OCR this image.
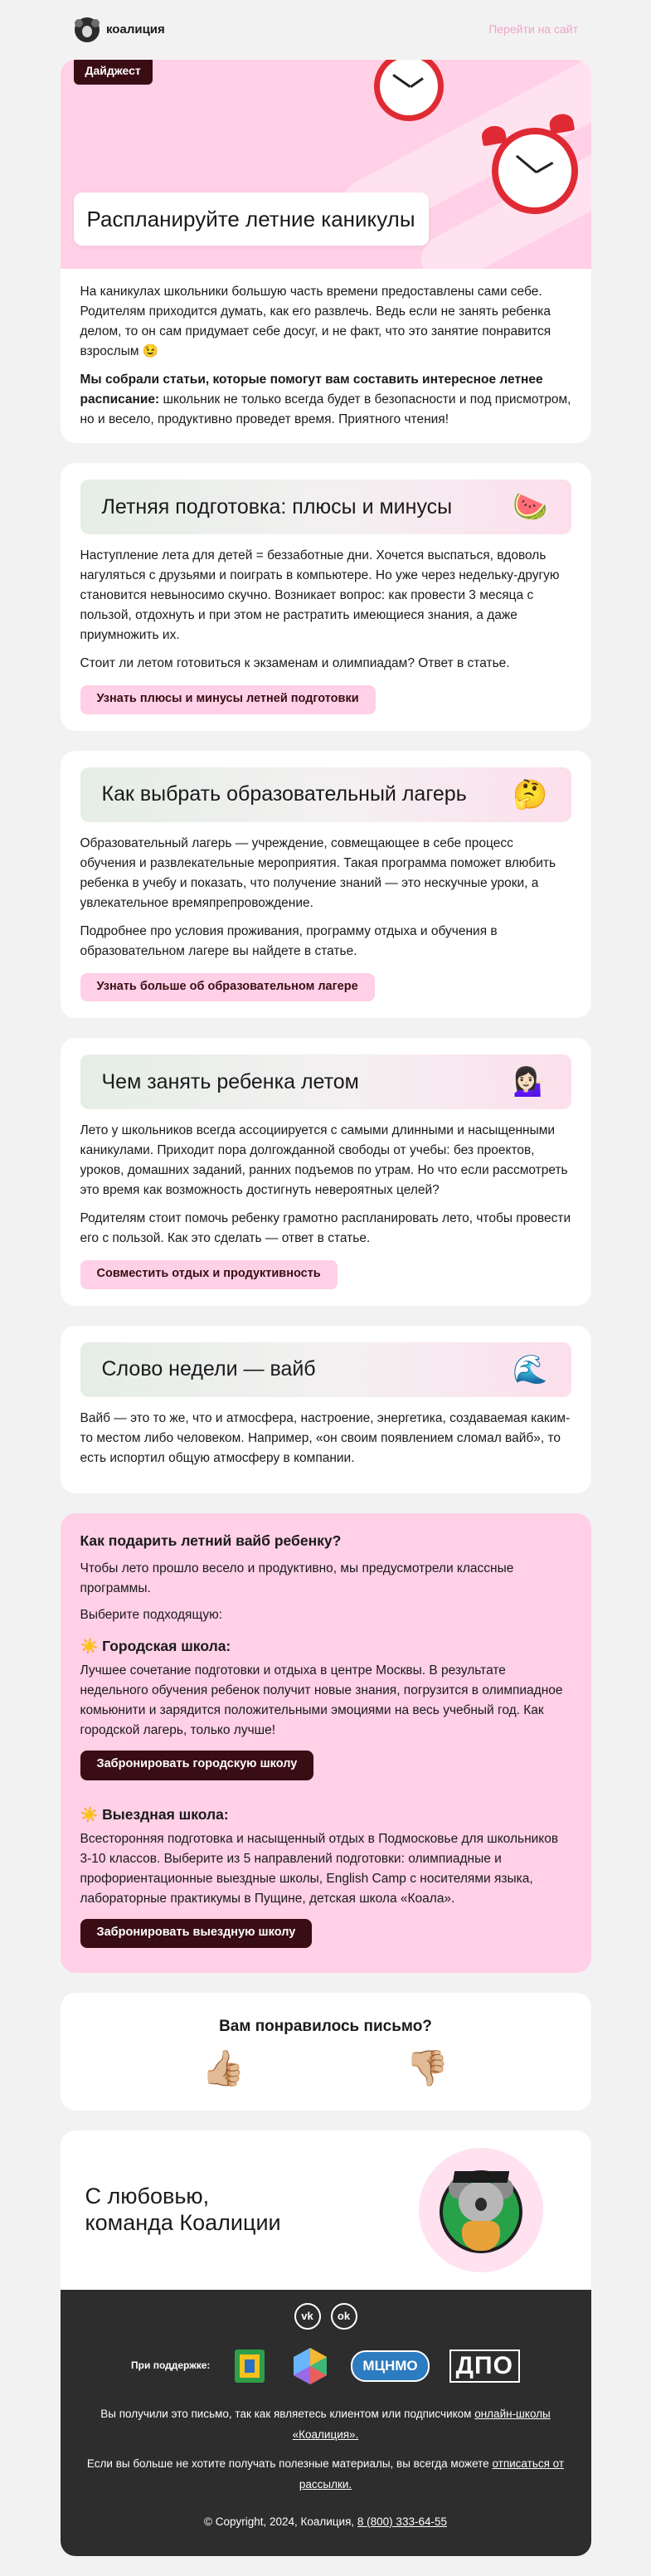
коалиция	Перейти на сайт
Дайджест
Распланируйте летние каникулы

На каникулах школьники большую часть времени предоставлены сами себе. Родителям приходится думать, как его развлечь. Ведь если не занять ребенка делом, то он сам придумает себе досуг, и не факт, что это занятие понравится взрослым 😉

Мы собрали статьи, которые помогут вам составить интересное летнее расписание: школьник не только всегда будет в безопасности и под присмотром, но и весело, продуктивно проведет время. Приятного чтения!

Летняя подготовка: плюсы и минусы 🍉

Наступление лета для детей = беззаботные дни. Хочется выспаться, вдоволь нагуляться с друзьями и поиграть в компьютере. Но уже через недельку-другую становится невыносимо скучно. Возникает вопрос: как провести 3 месяца с пользой, отдохнуть и при этом не растратить имеющиеся знания, а даже приумножить их.

Стоит ли летом готовиться к экзаменам и олимпиадам? Ответ в статье.

Узнать плюсы и минусы летней подготовки
Как выбрать образовательный лагерь 🤔

Образовательный лагерь — учреждение, совмещающее в себе процесс обучения и развлекательные мероприятия. Такая программа поможет влюбить ребенка в учебу и показать, что получение знаний — это нескучные уроки, а увлекательное времяпрепровождение.

Подробнее про условия проживания, программу отдыха и обучения в образовательном лагере вы найдете в статье.

Узнать больше об образовательном лагере
Чем занять ребенка летом	💁🏻‍♀️

Лето у школьников всегда ассоциируется с самыми длинными и насыщенными каникулами. Приходит пора долгожданной свободы от учебы: без проектов, уроков, домашних заданий, ранних подъемов по утрам. Но что если рассмотреть это время как возможность достигнуть невероятных целей?

Родителям стоит помочь ребенку грамотно распланировать лето, чтобы провести его с пользой. Как это сделать — ответ в статье.

Совместить отдых и продуктивность
Слово недели — вайб	🌊

Вайб — это то же, что и атмосфера, настроение, энергетика, создаваемая каким-то местом либо человеком. Например, «он своим появлением сломал вайб», то есть испортил общую атмосферу в компании.

Как подарить летний вайб ребенку?

Чтобы лето прошло весело и продуктивно, мы предусмотрели классные программы.

Выберите подходящую:

☀️ Городская школа:

Лучшее сочетание подготовки и отдыха в центре Москвы. В результате недельного обучения ребенок получит новые знания, погрузится в олимпиадное комьюнити и зарядится положительными эмоциями на весь учебный год. Как городской лагерь, только лучше!

Забронировать городскую школу
☀️ Выездная школа:

Всесторонняя подготовка и насыщенный отдых в Подмосковье для школьников 3-10 классов. Выберите из 5 направлений подготовки: олимпиадные и профориентационные выездные школы, English Camp с носителями языка, лабораторные практикумы в Пущине, детская школа «Коала».

Забронировать выездную школу
Вам понравилось письмо?
👍🏼	👎🏼
С любовью,
команда Коалиции
vk	ok
При поддержке:	МЦНМО	ДПО
Вы получили это письмо, так как являетесь клиентом или подписчиком онлайн-школы «Коалиция».
Если вы больше не хотите получать полезные материалы, вы всегда можете отписаться от рассылки.
© Copyright, 2024, Коалиция, 8 (800) 333-64-55
